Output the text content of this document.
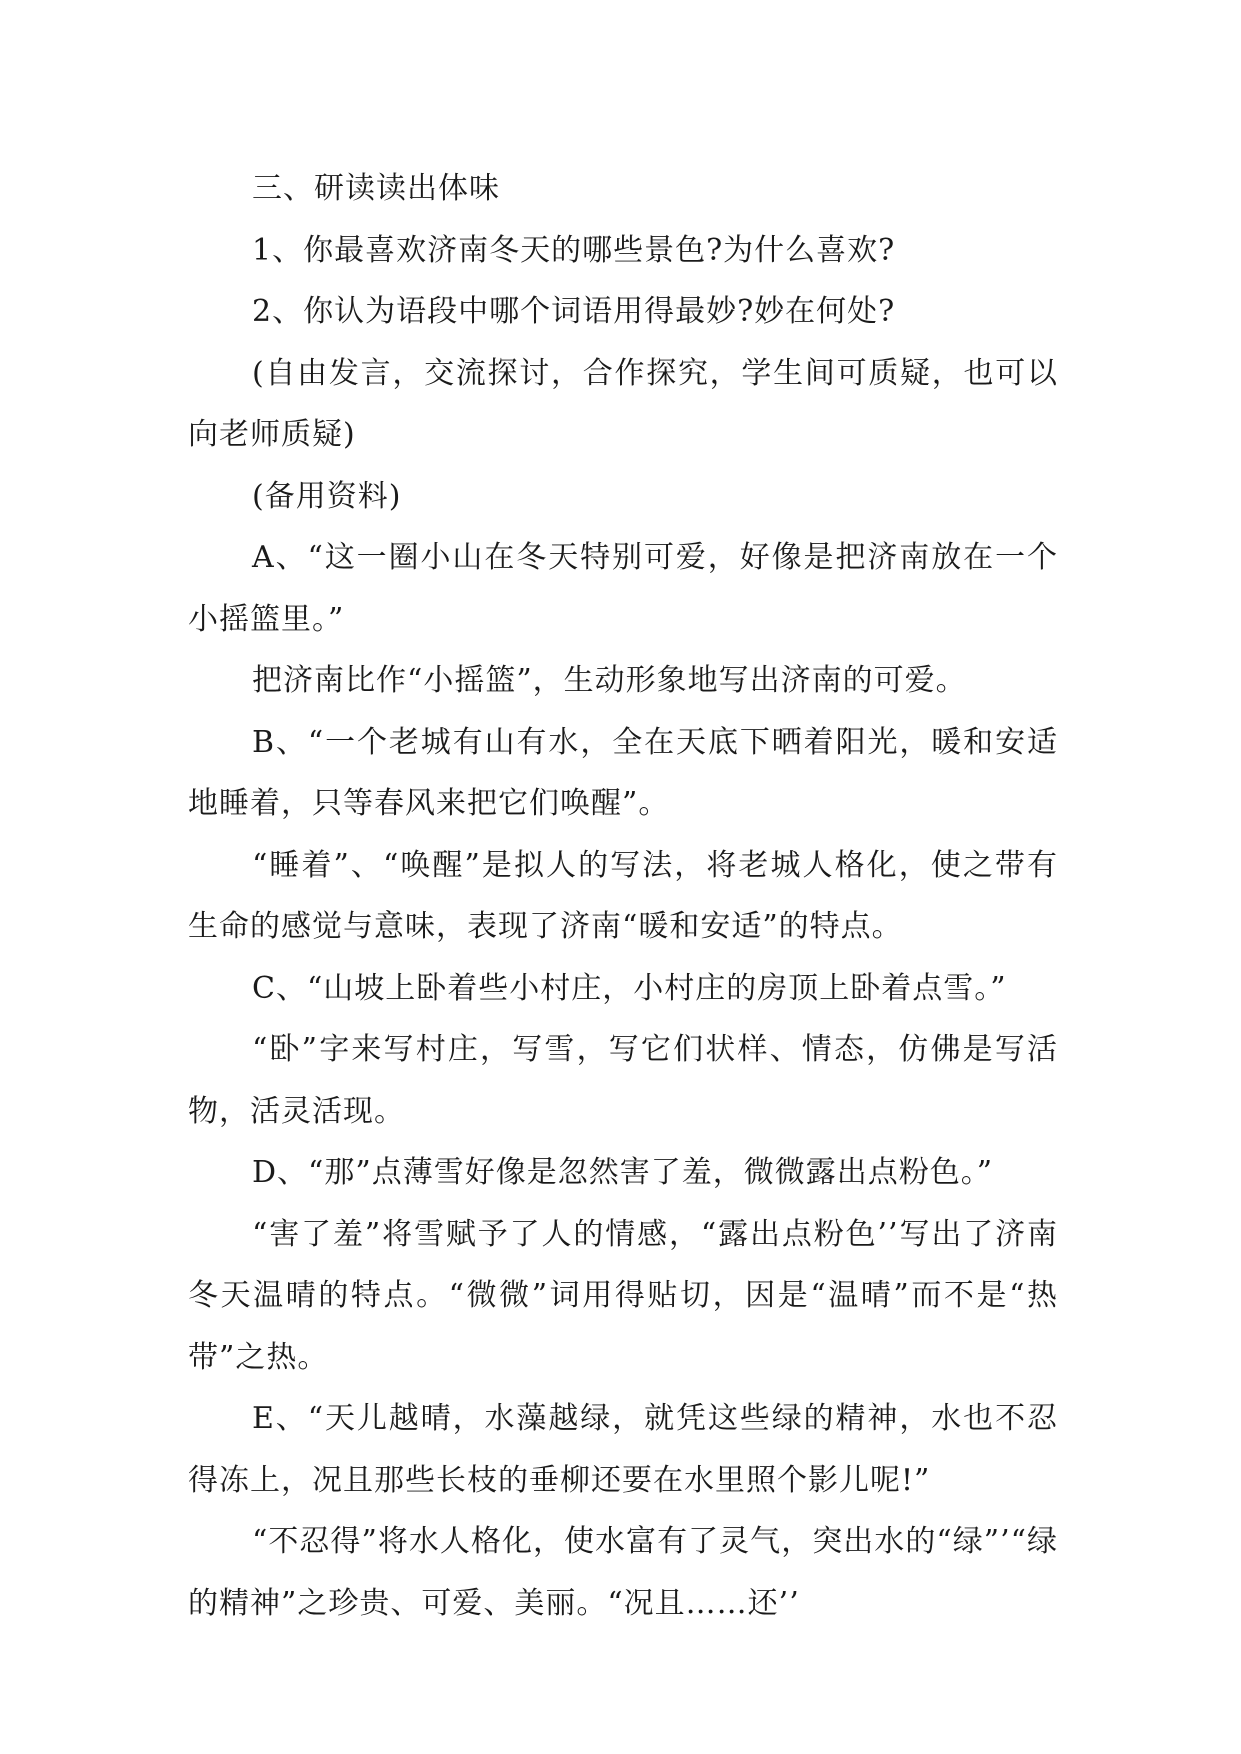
三、研读读出体味

1、你最喜欢济南冬天的哪些景色?为什么喜欢?

2、你认为语段中哪个词语用得最妙?妙在何处?

(自由发言，交流探讨，合作探究，学生间可质疑，也可以向老师质疑)

(备用资料)

A、“这一圈小山在冬天特别可爱，好像是把济南放在一个小摇篮里。”

把济南比作“小摇篮”，生动形象地写出济南的可爱。

B、“一个老城有山有水，全在天底下晒着阳光，暖和安适地睡着，只等春风来把它们唤醒”。

“睡着”、“唤醒”是拟人的写法，将老城人格化，使之带有生命的感觉与意味，表现了济南“暖和安适”的特点。

C、“山坡上卧着些小村庄，小村庄的房顶上卧着点雪。”

“卧”字来写村庄，写雪，写它们状样、情态，仿佛是写活物，活灵活现。

D、“那”点薄雪好像是忽然害了羞，微微露出点粉色。”

“害了羞”将雪赋予了人的情感，“露出点粉色’’写出了济南冬天温晴的特点。“微微”词用得贴切，因是“温晴”而不是“热带”之热。

E、“天儿越晴，水藻越绿，就凭这些绿的精神，水也不忍得冻上，况且那些长枝的垂柳还要在水里照个影儿呢!”

“不忍得”将水人格化，使水富有了灵气，突出水的“绿”’“绿的精神”之珍贵、可爱、美丽。“况且……还’’
